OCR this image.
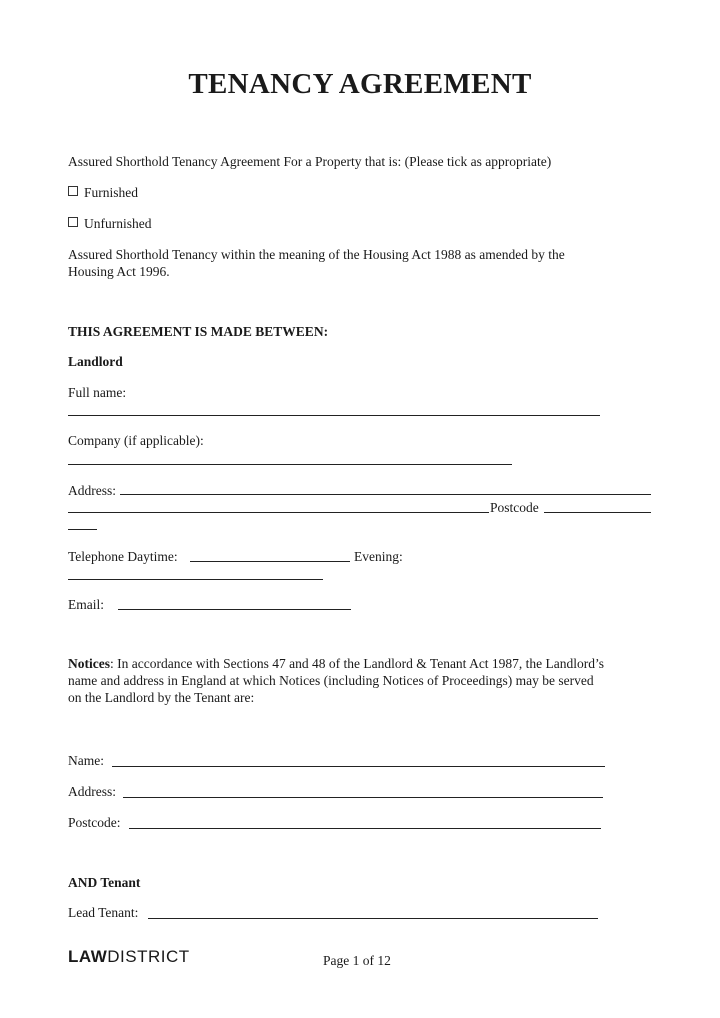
TENANCY AGREEMENT
Assured Shorthold Tenancy Agreement For a Property that is: (Please tick as appropriate)
Furnished
Unfurnished
Assured Shorthold Tenancy within the meaning of the Housing Act 1988 as amended by the
Housing Act 1996.
THIS AGREEMENT IS MADE BETWEEN:
Landlord
Full name:
Company (if applicable):
Address:
Postcode
Telephone Daytime:	Evening:
Email:
Notices: In accordance with Sections 47 and 48 of the Landlord & Tenant Act 1987, the Landlord’s
name and address in England at which Notices (including Notices of Proceedings) may be served
on the Landlord by the Tenant are:
Name:
Address:
Postcode:
AND Tenant
Lead Tenant:
LAWDISTRICT	Page 1 of 12
